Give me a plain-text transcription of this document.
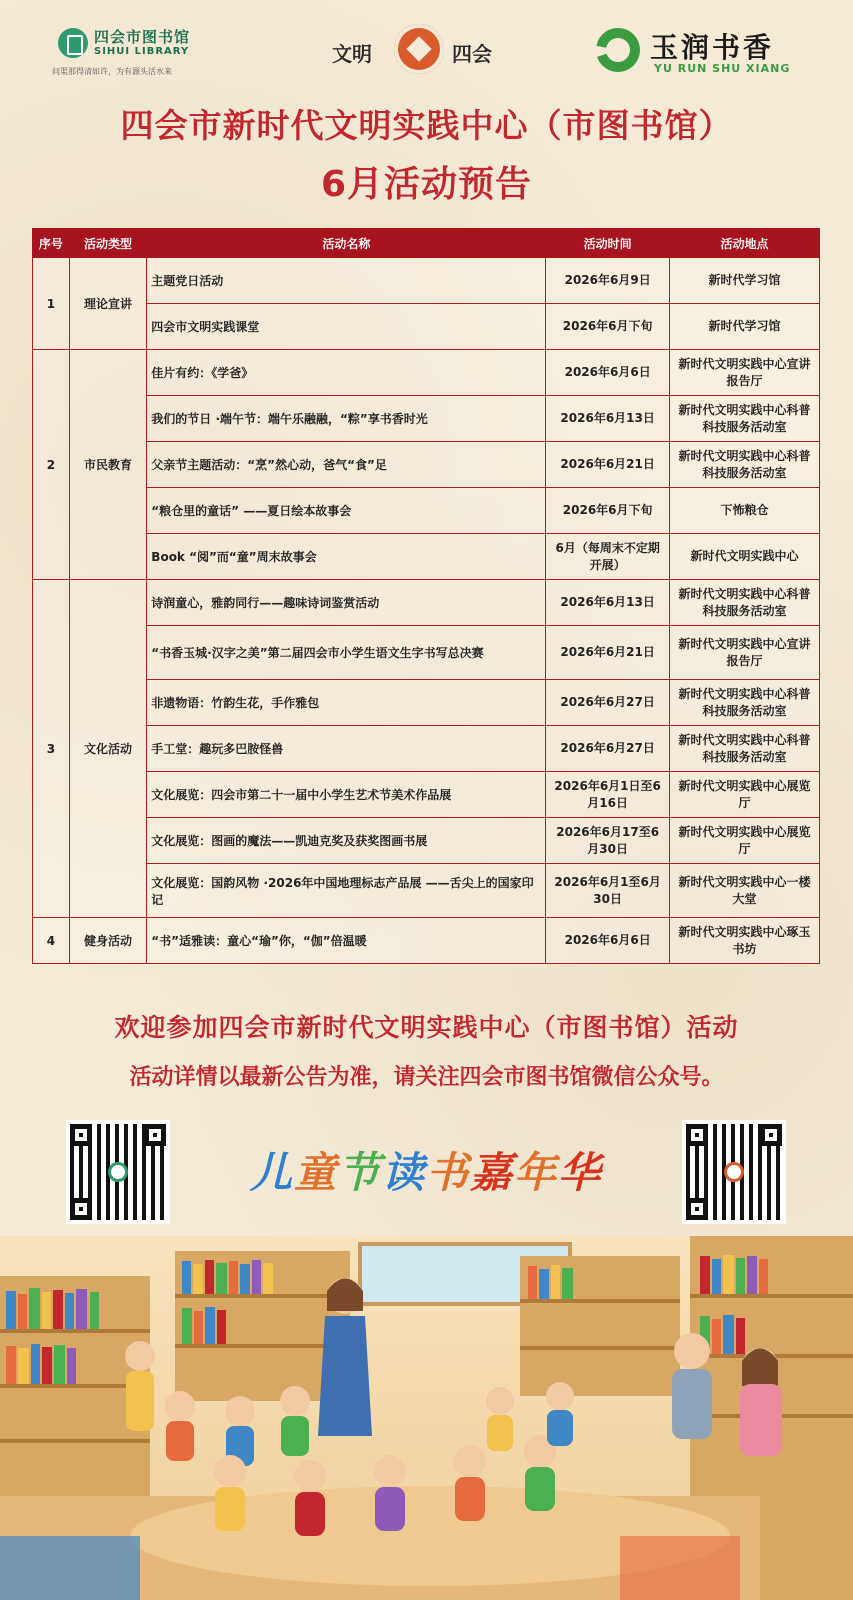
四会市图书馆
SIHUI LIBRARY
问渠那得清如许，为有源头活水来
文明	四会	玉润书香
YU RUN SHU XIANG
四会市新时代文明实践中心（市图书馆）
6月活动预告
序号	活动类型	活动名称	活动时间	活动地点
1	理论宣讲	主题党日活动	2026年6月9日	新时代学习馆
		四会市文明实践课堂	2026年6月下旬	新时代学习馆
2	市民教育	佳片有约：《学爸》	2026年6月6日	新时代文明实践中心宣讲报告厅
		我们的节日 ·端午节：端午乐融融，“粽”享书香时光	2026年6月13日	新时代文明实践中心科普科技服务活动室
		父亲节主题活动：“烹”然心动，爸气“食”足	2026年6月21日	新时代文明实践中心科普科技服务活动室
		“粮仓里的童话” ——夏日绘本故事会	2026年6月下旬	下怖粮仓
		Book “阅”而“童”周末故事会	6月（每周末不定期开展）	新时代文明实践中心
3	文化活动	诗润童心，雅韵同行——趣味诗词鉴赏活动	2026年6月13日	新时代文明实践中心科普科技服务活动室
		“书香玉城·汉字之美”第二届四会市小学生语文生字书写总决赛	2026年6月21日	新时代文明实践中心宣讲报告厅
		非遗物语：竹韵生花，手作雅包	2026年6月27日	新时代文明实践中心科普科技服务活动室
		手工堂：趣玩多巴胺怪兽	2026年6月27日	新时代文明实践中心科普科技服务活动室
		文化展览：四会市第二十一届中小学生艺术节美术作品展	2026年6月1日至6月16日	新时代文明实践中心展览厅
		文化展览：图画的魔法——凯迪克奖及获奖图画书展	2026年6月17至6月30日	新时代文明实践中心展览厅
		文化展览：国韵风物 ·2026年中国地理标志产品展 ——舌尖上的国家印记	2026年6月1至6月30日	新时代文明实践中心一楼大堂
4	健身活动	“书”适雅读：童心“瑜”你，“伽”倍温暖	2026年6月6日	新时代文明实践中心琢玉书坊
欢迎参加四会市新时代文明实践中心（市图书馆）活动
活动详情以最新公告为准，请关注四会市图书馆微信公众号。
儿童节读书嘉年华
